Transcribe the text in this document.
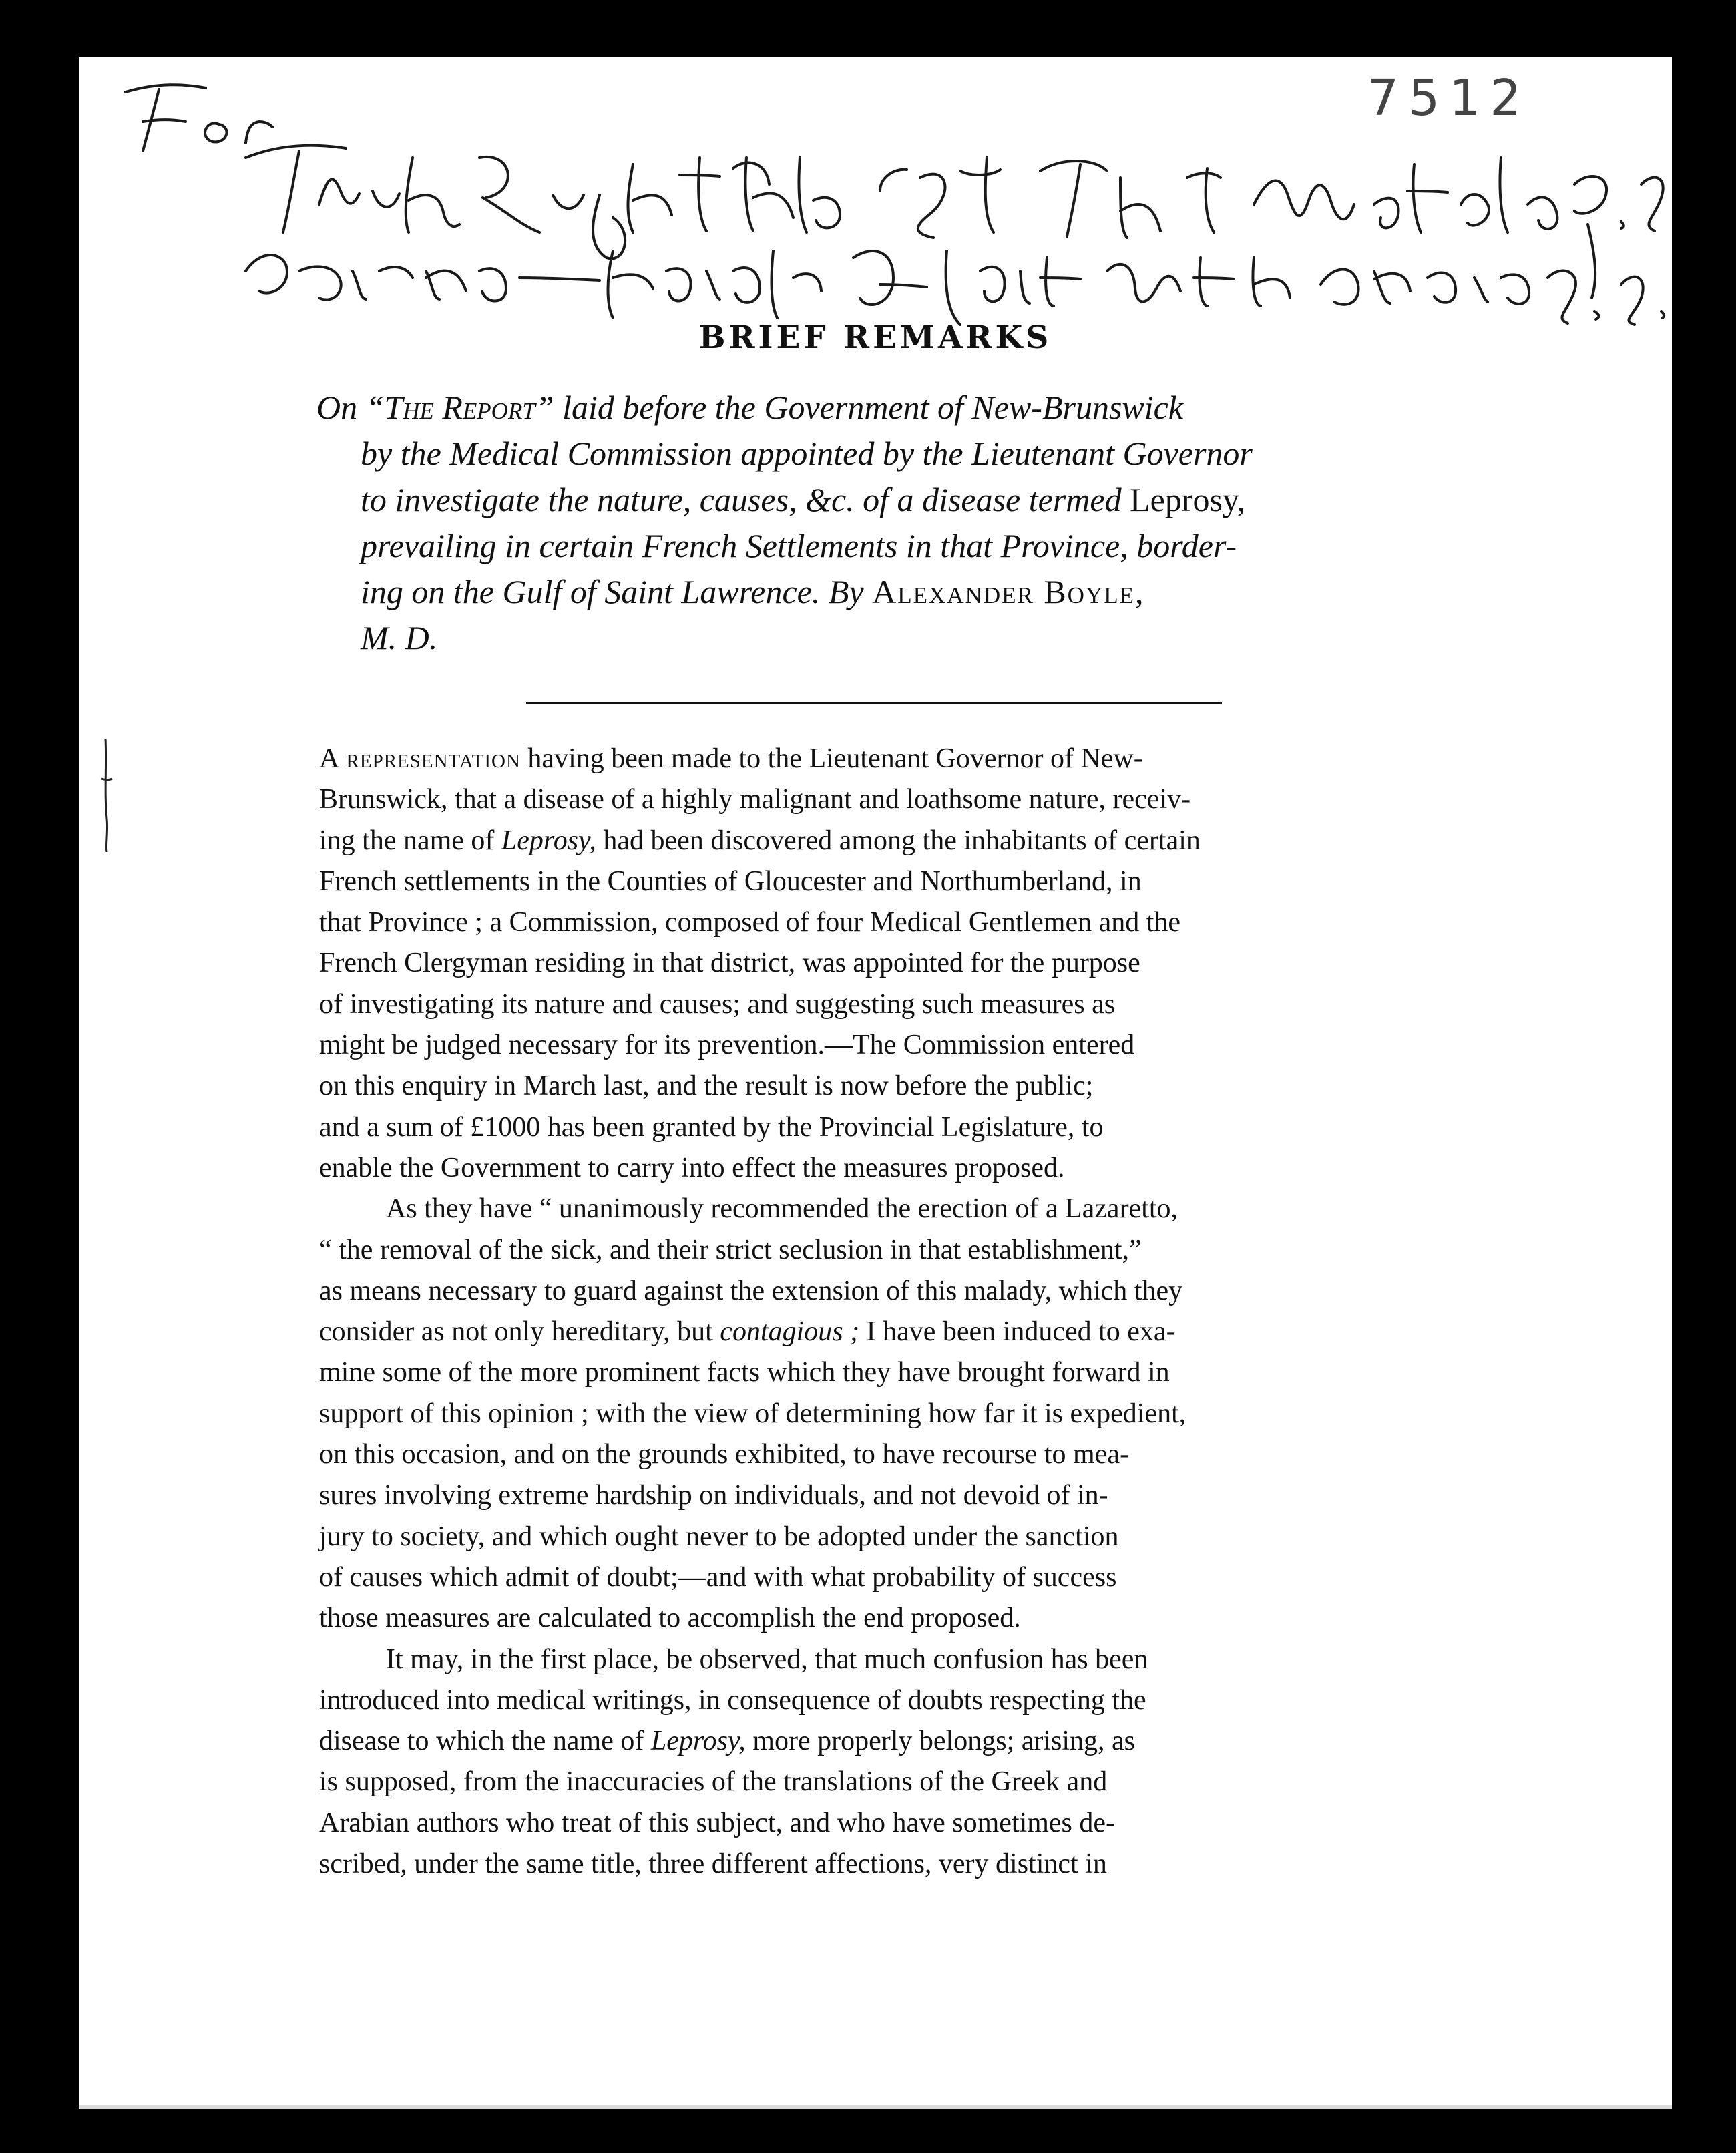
7512
BRIEF REMARKS
On “The Report” laid before the Government of New-Brunswick
by the Medical Commission appointed by the Lieutenant Governor
to investigate the nature, causes, &c. of a disease termed Leprosy,
prevailing in certain French Settlements in that Province, border-
ing on the Gulf of Saint Lawrence. By Alexander Boyle,
M. D.
A representation having been made to the Lieutenant Governor of New-
Brunswick, that a disease of a highly malignant and loathsome nature, receiv-
ing the name of Leprosy, had been discovered among the inhabitants of certain
French settlements in the Counties of Gloucester and Northumberland, in
that Province ; a Commission, composed of four Medical Gentlemen and the
French Clergyman residing in that district, was appointed for the purpose
of investigating its nature and causes; and suggesting such measures as
might be judged necessary for its prevention.—The Commission entered
on this enquiry in March last, and the result is now before the public;
and a sum of £1000 has been granted by the Provincial Legislature, to
enable the Government to carry into effect the measures proposed.
As they have “ unanimously recommended the erection of a Lazaretto,
“ the removal of the sick, and their strict seclusion in that establishment,”
as means necessary to guard against the extension of this malady, which they
consider as not only hereditary, but contagious ; I have been induced to exa-
mine some of the more prominent facts which they have brought forward in
support of this opinion ; with the view of determining how far it is expedient,
on this occasion, and on the grounds exhibited, to have recourse to mea-
sures involving extreme hardship on individuals, and not devoid of in-
jury to society, and which ought never to be adopted under the sanction
of causes which admit of doubt;—and with what probability of success
those measures are calculated to accomplish the end proposed.
It may, in the first place, be observed, that much confusion has been
introduced into medical writings, in consequence of doubts respecting the
disease to which the name of Leprosy, more properly belongs; arising, as
is supposed, from the inaccuracies of the translations of the Greek and
Arabian authors who treat of this subject, and who have sometimes de-
scribed, under the same title, three different affections, very distinct in
